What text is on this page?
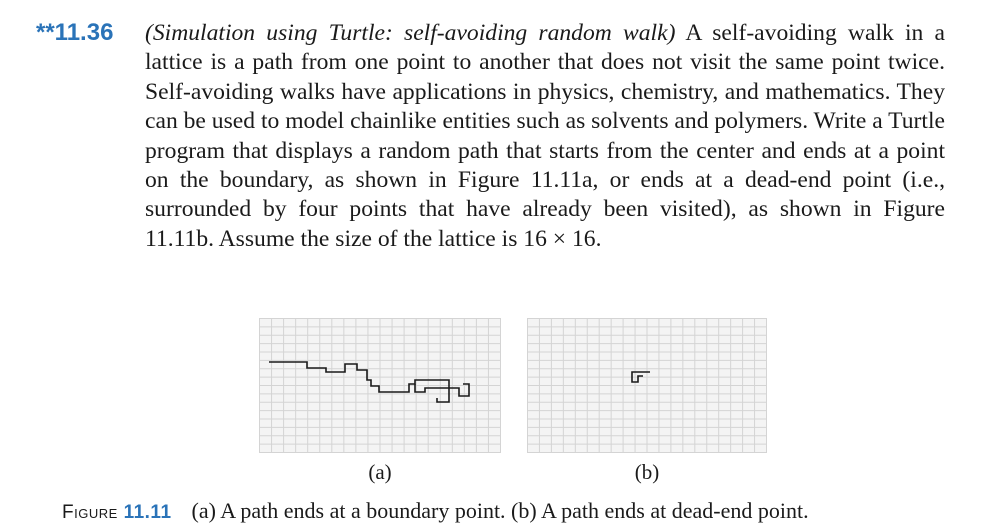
**11.36 (Simulation using Turtle: self-avoiding random walk) A self-avoiding walk in a lattice is a path from one point to another that does not visit the same point twice. Self-avoiding walks have applications in physics, chemistry, and mathematics. They can be used to model chainlike entities such as solvents and polymers. Write a Turtle program that displays a random path that starts from the center and ends at a point on the boundary, as shown in Figure 11.11a, or ends at a dead-end point (i.e., surrounded by four points that have already been visited), as shown in Figure 11.11b. Assume the size of the lattice is 16 × 16.
(a)	(b)
Figure 11.11 (a) A path ends at a boundary point. (b) A path ends at dead-end point.
